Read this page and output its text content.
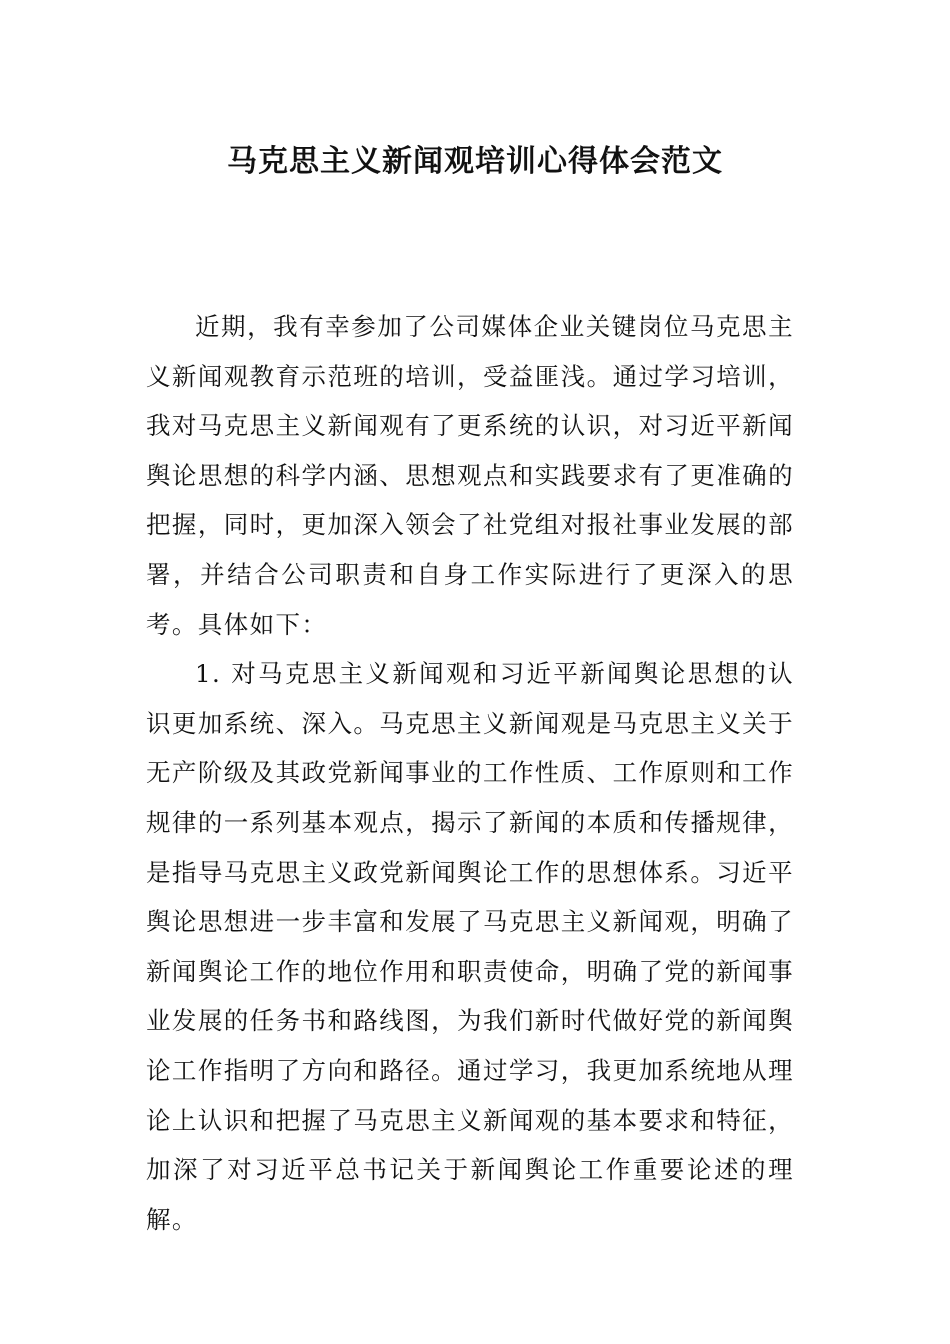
马克思主义新闻观培训心得体会范文

近期，我有幸参加了公司媒体企业关键岗位马克思主义新闻观教育示范班的培训，受益匪浅。通过学习培训，我对马克思主义新闻观有了更系统的认识，对习近平新闻舆论思想的科学内涵、思想观点和实践要求有了更准确的把握，同时，更加深入领会了社党组对报社事业发展的部署，并结合公司职责和自身工作实际进行了更深入的思考。具体如下：

1. 对马克思主义新闻观和习近平新闻舆论思想的认识更加系统、深入。马克思主义新闻观是马克思主义关于无产阶级及其政党新闻事业的工作性质、工作原则和工作规律的一系列基本观点，揭示了新闻的本质和传播规律，是指导马克思主义政党新闻舆论工作的思想体系。习近平舆论思想进一步丰富和发展了马克思主义新闻观，明确了新闻舆论工作的地位作用和职责使命，明确了党的新闻事业发展的任务书和路线图，为我们新时代做好党的新闻舆论工作指明了方向和路径。通过学习，我更加系统地从理论上认识和把握了马克思主义新闻观的基本要求和特征，加深了对习近平总书记关于新闻舆论工作重要论述的理解。
